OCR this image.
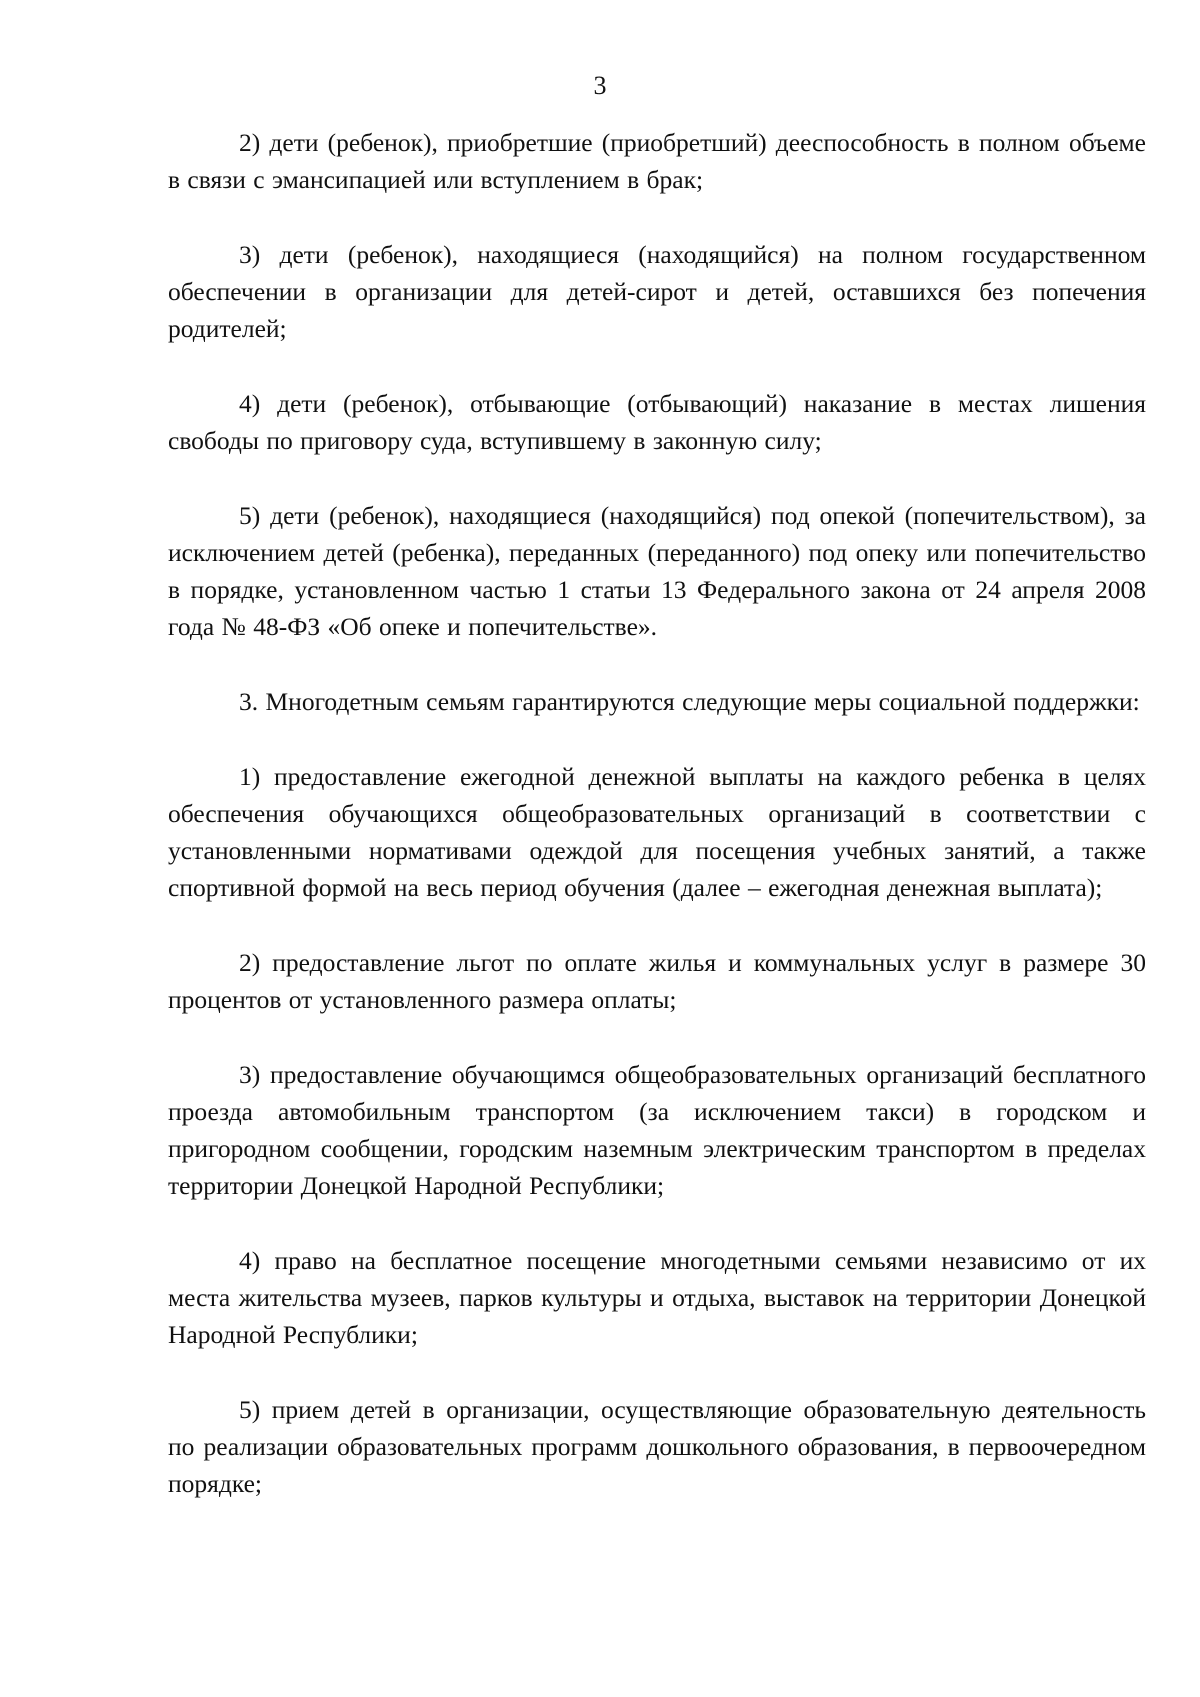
3

2) дети (ребенок), приобретшие (приобретший) дееспособность в полном объеме в связи с эмансипацией или вступлением в брак;

3) дети (ребенок), находящиеся (находящийся) на полном государственном обеспечении в организации для детей-сирот и детей, оставшихся без попечения родителей;

4) дети (ребенок), отбывающие (отбывающий) наказание в местах лишения свободы по приговору суда, вступившему в законную силу;

5) дети (ребенок), находящиеся (находящийся) под опекой (попечительством), за исключением детей (ребенка), переданных (переданного) под опеку или попечительство в порядке, установленном частью 1 статьи 13 Федерального закона от 24 апреля 2008 года № 48-ФЗ «Об опеке и попечительстве».

3. Многодетным семьям гарантируются следующие меры социальной поддержки:

1) предоставление ежегодной денежной выплаты на каждого ребенка в целях обеспечения обучающихся общеобразовательных организаций в соответствии с установленными нормативами одеждой для посещения учебных занятий, а также спортивной формой на весь период обучения (далее – ежегодная денежная выплата);

2) предоставление льгот по оплате жилья и коммунальных услуг в размере 30 процентов от установленного размера оплаты;

3) предоставление обучающимся общеобразовательных организаций бесплатного проезда автомобильным транспортом (за исключением такси) в городском и пригородном сообщении, городским наземным электрическим транспортом в пределах территории Донецкой Народной Республики;

4) право на бесплатное посещение многодетными семьями независимо от их места жительства музеев, парков культуры и отдыха, выставок на территории Донецкой Народной Республики;

5) прием детей в организации, осуществляющие образовательную деятельность по реализации образовательных программ дошкольного образования, в первоочередном порядке;
